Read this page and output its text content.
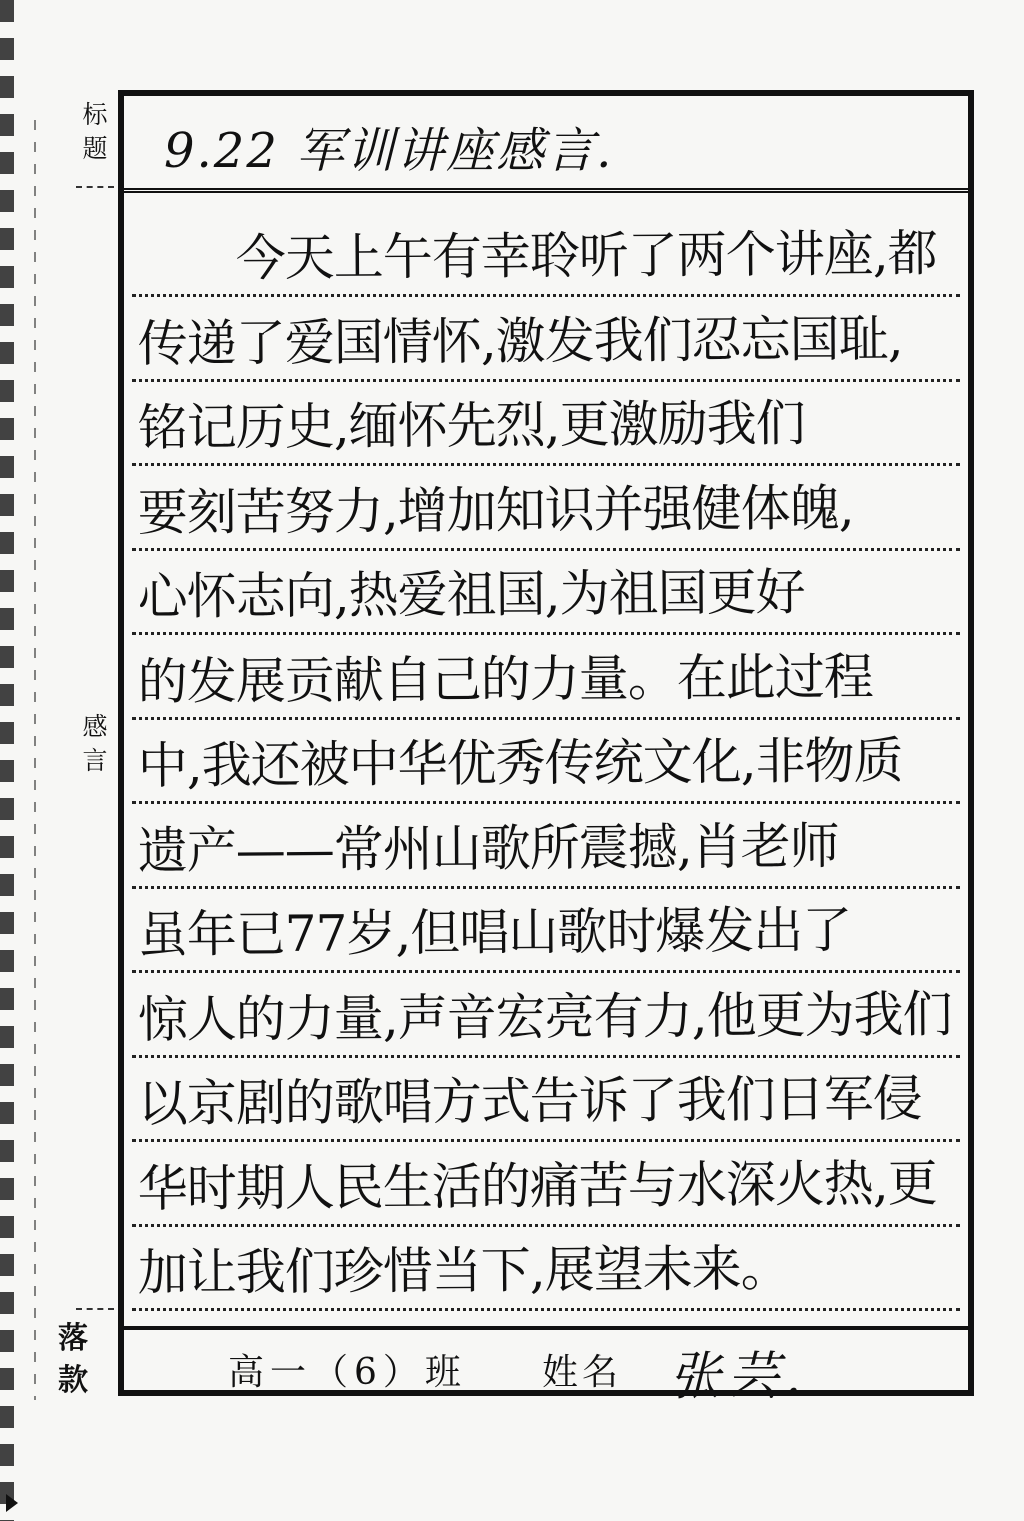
标
题
感
言
落
款
9.22 军训讲座感言.
　　今天上午有幸聆听了两个讲座,都
传递了爱国情怀,激发我们忍忘国耻,
铭记历史,缅怀先烈,更激励我们
要刻苦努力,增加知识并强健体魄,
心怀志向,热爱祖国,为祖国更好
的发展贡献自己的力量。在此过程
中,我还被中华优秀传统文化,非物质
遗产——常州山歌所震撼,肖老师
虽年已77岁,但唱山歌时爆发出了
惊人的力量,声音宏亮有力,他更为我们
以京剧的歌唱方式告诉了我们日军侵
华时期人民生活的痛苦与水深火热,更
加让我们珍惜当下,展望未来。
高一（6）班 姓名 张芸.
